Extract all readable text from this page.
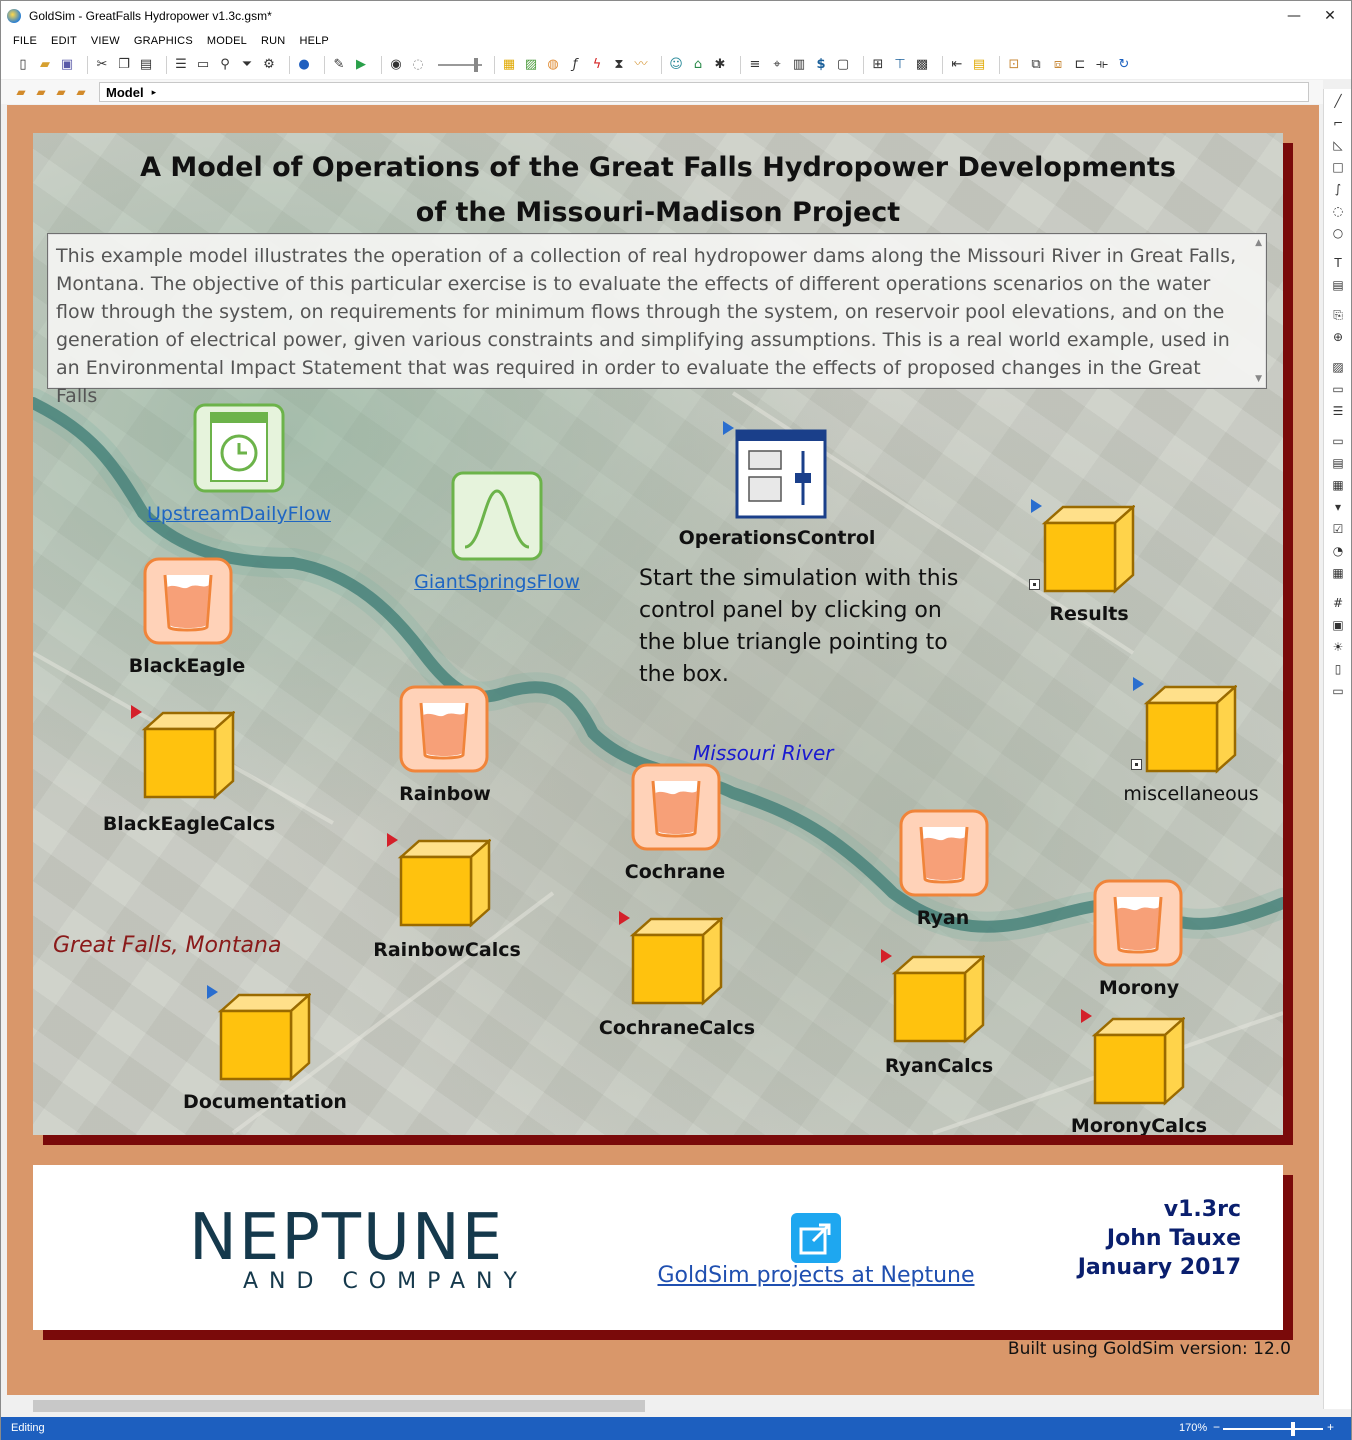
GoldSim - GreatFalls Hydropower v1.3c.gsm*	—	✕
FILE EDIT VIEW GRAPHICS MODEL RUN HELP
▯	▰ ▣ ✂ ❐ ▤ ☰ ▭ ⚲ ⏷ ⚙ ● ✎ ▶ ◉ ◌	▦ ▨ ◍	ƒ	ϟ ⧗ 〰 ☺ ⌂ ✱ ≡ ⌖ ▥ $ ▢ ⊞ ⊤ ▩ ⇤ ▤ ⊡ ⧉ ⧈ ⊏ ⟛ ↻
▰ ▰ ▰ ▰ Model ▸
╱
⌐
◺
□
∫
◌
○
T
▤
⎘
⊕
▨
▭
☰
▭
▤
▦
▾
☑
◔
▦
#
▣
☀
▯
▭
A Model of Operations of the Great Falls Hydropower Developments
of the Missouri-Madison Project
This example model illustrates the operation of a collection of real hydropower dams along the Missouri River in Great Falls, Montana. The objective of this particular exercise is to evaluate the effects of different operations scenarios on the water flow through the system, on requirements for minimum flows through the system, on reservoir pool elevations, and on the generation of electrical power, given various constraints and simplifying assumptions. This is a real world example, used in an Environmental Impact Statement that was required in order to evaluate the effects of proposed changes in the Great Falls
▲
▼
UpstreamDailyFlow
GiantSpringsFlow
OperationsControl
Start the simulation with this control panel by clicking on the blue triangle pointing to the box.
Results
BlackEagle
BlackEagleCalcs
Rainbow
RainbowCalcs
Missouri River
Cochrane
CochraneCalcs
miscellaneous
Ryan
RyanCalcs
Morony
MoronyCalcs
Great Falls, Montana
Documentation
NEPTUNE
AND COMPANY	GoldSim projects at Neptune
v1.3rc
John Tauxe
January 2017
Built using GoldSim version: 12.0
Editing	170% −	+
